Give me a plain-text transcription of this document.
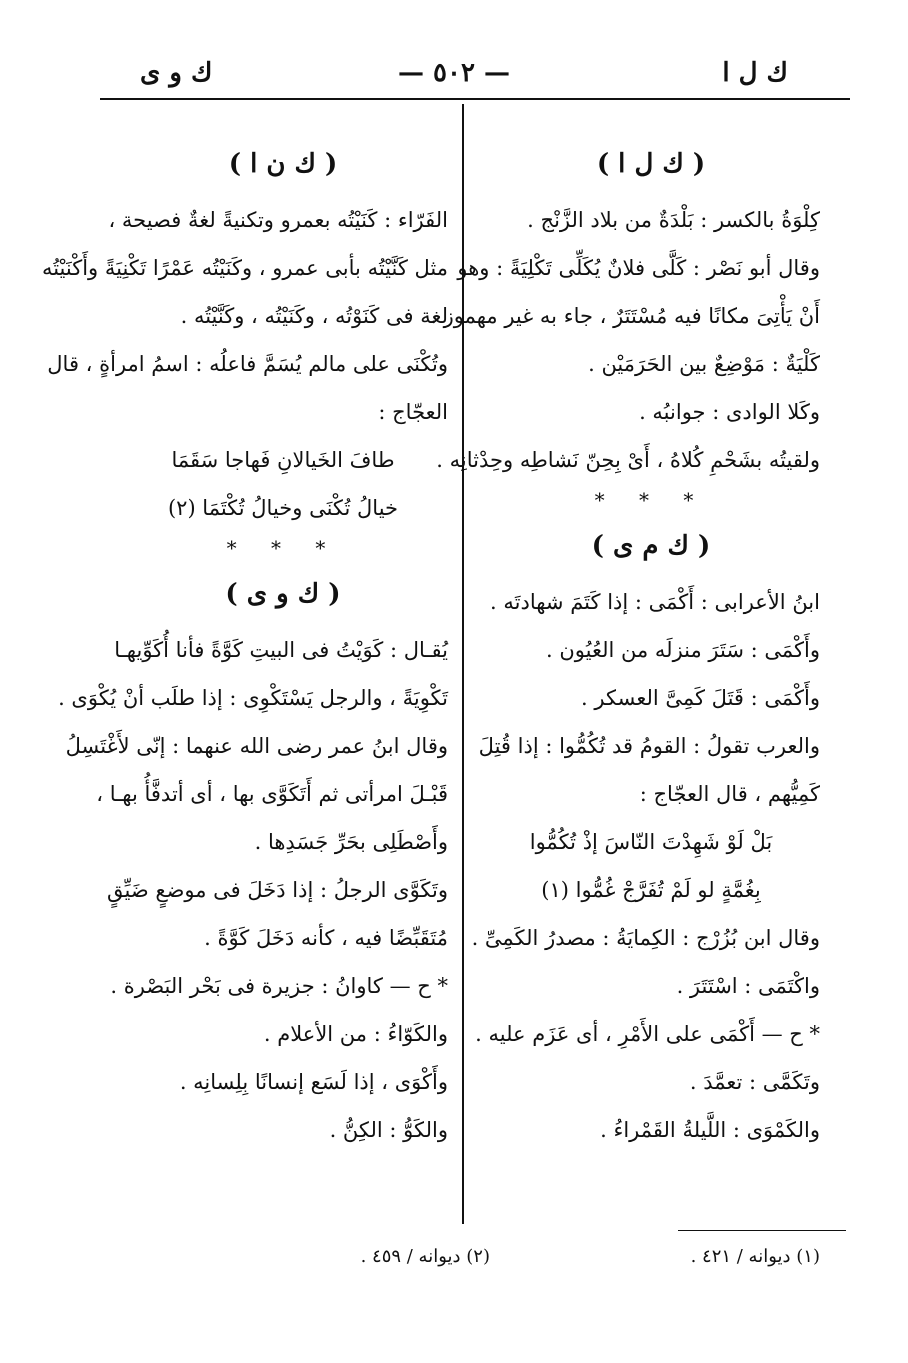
ك ل ا
— ٥٠٢ —
ك و ى
( ك ل ا )
كِلْوَةُ بالكسر : بَلْدَةٌ من بلاد الزَّنْج .
وقال أبو نَصْر : كَلَّى فلانٌ يُكَلِّى تَكْلِيَةً : وهو
أَنْ يَأْتِىَ مكانًا فيه مُسْتَتَرٌ ، جاء به غير مهموز .
كَلْيَةٌ : مَوْضِعٌ بين الحَرَمَيْن .
وكَلا الوادى : جوانبُه .
ولقيتُه بشَحْمِ كُلاهُ ، أَىْ بِحِنّ نَشاطِه وحِدْثانِه .
* * *
( ك م ى )
ابنُ الأعرابى : أَكْمَى : إذا كَتَمَ شهادتَه .
وأَكْمَى : سَتَرَ منزلَه من العُيُون .
وأَكْمَى : قَتَلَ كَمِىَّ العسكر .
والعرب تقولُ : القومُ قد تُكُمُّوا : إذا قُتِلَ
كَمِيُّهم ، قال العجّاج :
بَلْ لَوْ شَهِدْتَ النّاسَ إذْ تُكُمُّوا
بِغُمَّةٍ لو لَمْ تُفَرَّجْ غُمُّوا (١)
وقال ابن بُزُرْج : الكِمايَةُ : مصدرُ الكَمِىِّ .
واكْتَمَى : اسْتَتَرَ .
* ح — أَكْمَى على الأَمْرِ ، أى عَزَم عليه .
وتَكَمَّى : تعمَّدَ .
والكَمْوَى : اللَّيلةُ القَمْراءُ .
( ك ن ا )
الفَرّاء : كَنَيْتُه بعمرو وتكنيةً لغةٌ فصيحة ،
مثل كَنَّيْتُه بأبى عمرو ، وكَنَيْتُه عَمْرًا تَكْنِيَةً وأَكْنَيْتُه
لغة فى كَنَوْتُه ، وكَنَيْتُه ، وكَنَّيْتُه .
وتُكْنَى على مالم يُسَمَّ فاعلُه : اسمُ امرأةٍ ، قال
العجّاج :
طافَ الخَيالانِ فَهاجا سَقَمَا
خيالُ تُكْنَى وخيالُ تُكْتَمَا (٢)
* * *
( ك و ى )
يُقـال : كَوَيْتُ فى البيتِ كَوَّةً فأنا أُكَوِّيهـا
تَكْوِيَةً ، والرجل يَسْتَكْوِى : إذا طلَب أنْ يُكْوَى .
وقال ابنُ عمر رضى الله عنهما : إنّى لأَغْتَسِلُ
قَبْـلَ امرأتى ثم أَتَكَوَّى بها ، أى أتدفَّأُ بهـا ،
وأَصْطَلِى بحَرِّ جَسَدِها .
وتَكَوَّى الرجلُ : إذا دَخَلَ فى موضعٍ ضَيِّقٍ
مُتَقَبِّضًا فيه ، كأنه دَخَلَ كَوَّةً .
* ح — كاوانُ : جزيرة فى بَحْر البَصْرة .
والكَوّاءُ : من الأعلام .
وأَكْوَى ، إذا لَسَع إنسانًا بِلِسانِه .
والكَوُّ : الكِنُّ .
(١) ديوانه / ٤٢١ .
(٢) ديوانه / ٤٥٩ .
